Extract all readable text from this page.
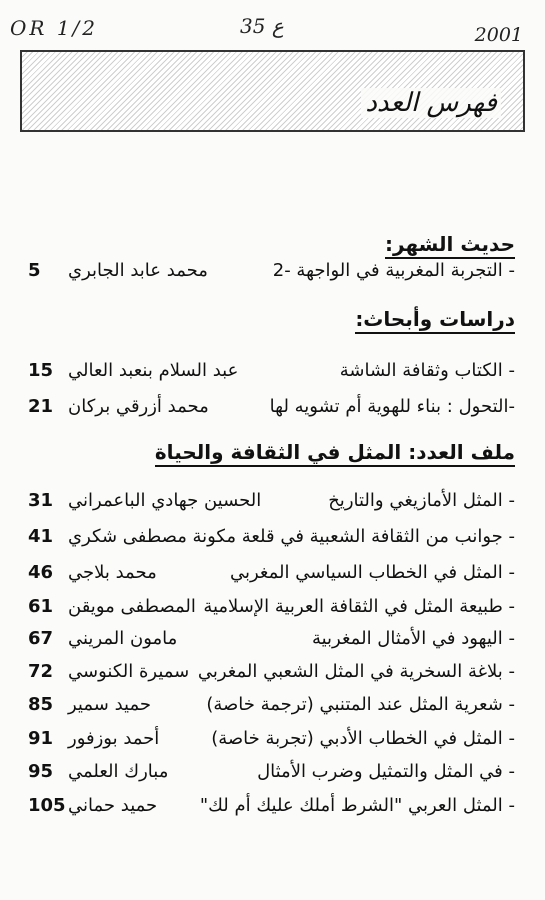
OR 1/2	35 ع	2001
فهرس العدد
حديث الشهر:
- التجربة المغربية في الواجهة -2
محمد عابد الجابري
5
دراسات وأبحاث:
- الكتاب وثقافة الشاشة
عبد السلام بنعبد العالي
15
-التحول : بناء للهوية أم تشويه لها
محمد أزرقي بركان
21
ملف العدد: المثل في الثقافة والحياة
- المثل الأمازيغي والتاريخ
الحسين جهادي الباعمراني
31
- جوانب من الثقافة الشعبية في قلعة مكونة
مصطفى شكري
41
- المثل في الخطاب السياسي المغربي
محمد بلاجي
46
- طبيعة المثل في الثقافة العربية الإسلامية
المصطفى مويقن
61
- اليهود في الأمثال المغربية
مامون المريني
67
- بلاغة السخرية في المثل الشعبي المغربي
سميرة الكنوسي
72
- شعرية المثل عند المتنبي (ترجمة خاصة)
حميد سمير
85
- المثل في الخطاب الأدبي (تجربة خاصة)
أحمد بوزفور
91
- في المثل والتمثيل وضرب الأمثال
مبارك العلمي
95
- المثل العربي "الشرط أملك عليك أم لك"
حميد حماني
105
